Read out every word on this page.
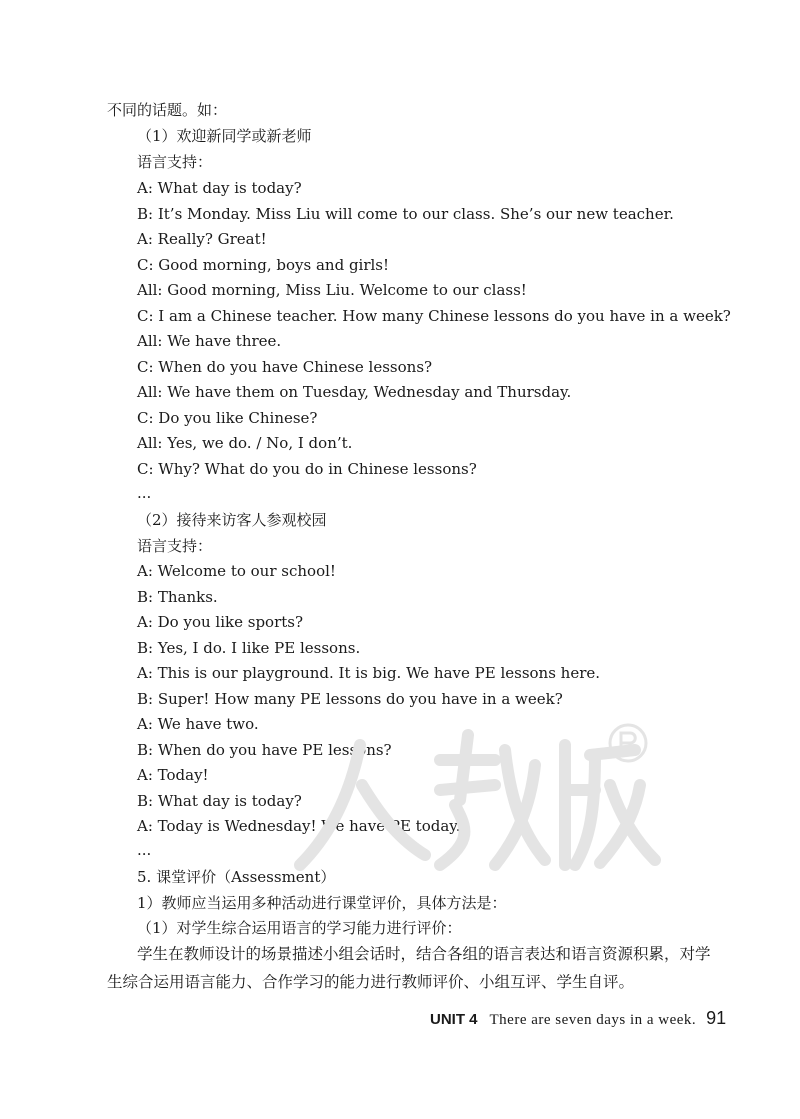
不同的话题。如：
（1）欢迎新同学或新老师
语言支持：
A: What day is today?
B: It’s Monday. Miss Liu will come to our class. She’s our new teacher.
A: Really? Great!
C: Good morning, boys and girls!
All: Good morning, Miss Liu. Welcome to our class!
C: I am a Chinese teacher. How many Chinese lessons do you have in a week?
All: We have three.
C: When do you have Chinese lessons?
All: We have them on Tuesday, Wednesday and Thursday.
C: Do you like Chinese?
All: Yes, we do. / No, I don’t.
C: Why? What do you do in Chinese lessons?
...
（2）接待来访客人参观校园
语言支持：
A: Welcome to our school!
B: Thanks.
A: Do you like sports?
B: Yes, I do. I like PE lessons.
A: This is our playground. It is big. We have PE lessons here.
B: Super! How many PE lessons do you have in a week?
A: We have two.
B: When do you have PE lessons?
A: Today!
B: What day is today?
A: Today is Wednesday! We have PE today.
...
5. 课堂评价（Assessment）
1）教师应当运用多种活动进行课堂评价，具体方法是：
（1）对学生综合运用语言的学习能力进行评价：
学生在教师设计的场景描述小组会话时，结合各组的语言表达和语言资源积累，对学生综合运用语言能力、合作学习的能力进行教师评价、小组互评、学生自评。
UNIT 4 There are seven days in a week. 91
